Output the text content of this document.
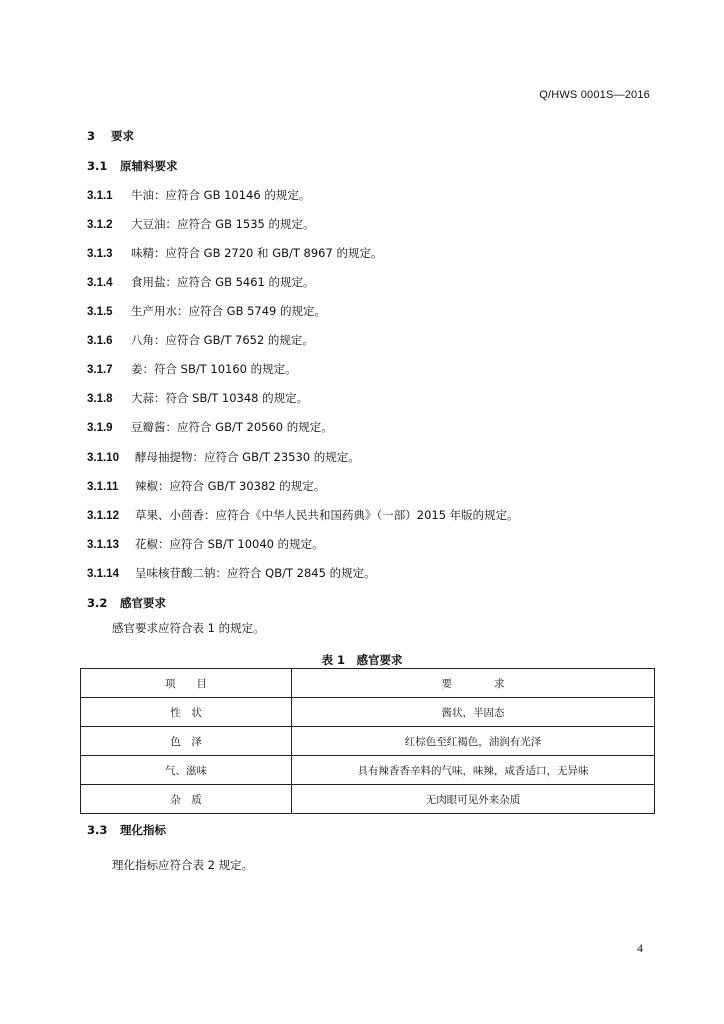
Q/HWS 0001S—2016
3 要求
3.1 原辅料要求
3.1.1 牛油：应符合 GB 10146 的规定。
3.1.2 大豆油：应符合 GB 1535 的规定。
3.1.3 味精：应符合 GB 2720 和 GB/T 8967 的规定。
3.1.4 食用盐：应符合 GB 5461 的规定。
3.1.5 生产用水：应符合 GB 5749 的规定。
3.1.6 八角：应符合 GB/T 7652 的规定。
3.1.7 姜：符合 SB/T 10160 的规定。
3.1.8 大蒜：符合 SB/T 10348 的规定。
3.1.9 豆瓣酱：应符合 GB/T 20560 的规定。
3.1.10 酵母抽提物：应符合 GB/T 23530 的规定。
3.1.11 辣椒：应符合 GB/T 30382 的规定。
3.1.12 草果、小茴香：应符合《中华人民共和国药典》（一部）2015 年版的规定。
3.1.13 花椒：应符合 SB/T 10040 的规定。
3.1.14 呈味核苷酸二钠：应符合 QB/T 2845 的规定。
3.2 感官要求
感官要求应符合表 1 的规定。
表 1　感官要求
项　　目	要　　　　求
性　状	酱状，半固态
色　泽	红棕色至红褐色，油润有光泽
气、滋味	具有辣香香辛料的气味，味辣，咸香适口，无异味
杂　质	无肉眼可见外来杂质
3.3 理化指标
理化指标应符合表 2 规定。
4
